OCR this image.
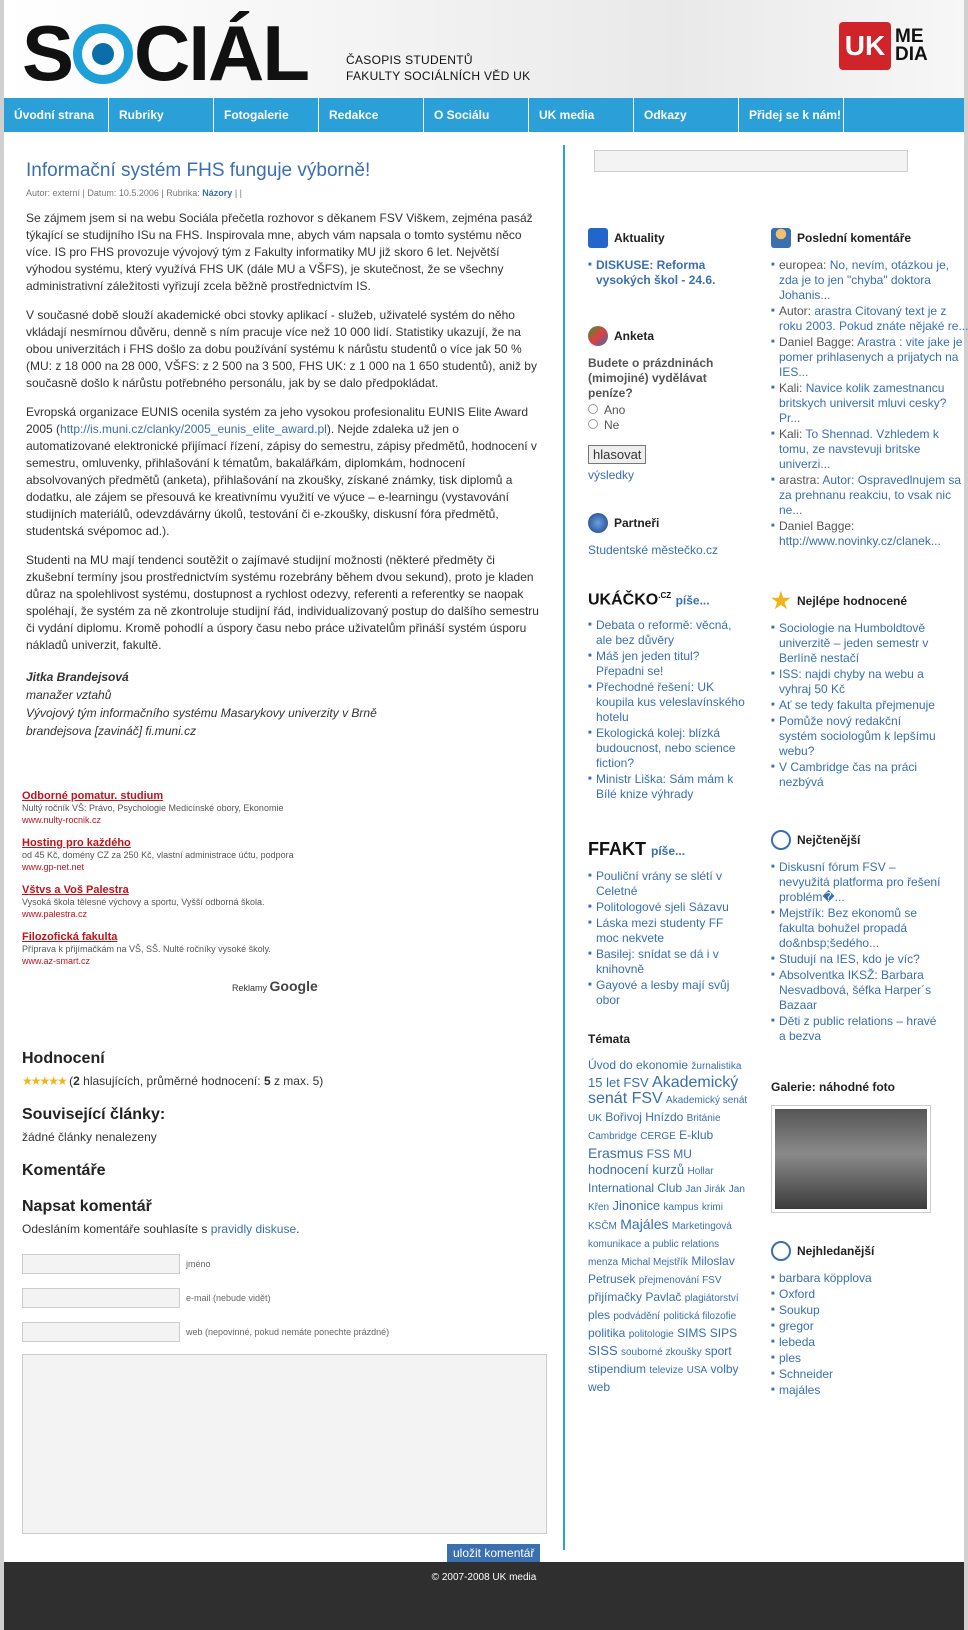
S CIÁL	ČASOPIS STUDENTŮ
FAKULTY SOCIÁLNÍCH VĚD UK
UK ME
DIA
Úvodní strana	Rubriky	Fotogalerie	Redakce	O Sociálu	UK media	Odkazy	Přidej se k nám!
Informační systém FHS funguje výborně!
Autor: externí | Datum: 10.5.2006 | Rubrika: Názory | |
Se zájmem jsem si na webu Sociála přečetla rozhovor s děkanem FSV Viškem, zejména pasáž týkající se studijního ISu na FHS. Inspirovala mne, abych vám napsala o tomto systému něco více. IS pro FHS provozuje vývojový tým z Fakulty informatiky MU již skoro 6 let. Největší výhodou systému, který využívá FHS UK (dále MU a VŠFS), je skutečnost, že se všechny administrativní záležitosti vyřizují zcela běžně prostřednictvím IS.
V současné době slouží akademické obci stovky aplikací - služeb, uživatelé systém do něho vkládají nesmírnou důvěru, denně s ním pracuje více než 10 000 lidí. Statistiky ukazují, že na obou univerzitách i FHS došlo za dobu používání systému k nárůstu studentů o více jak 50 % (MU: z 18 000 na 28 000, VŠFS: z 2 500 na 3 500, FHS UK: z 1 000 na 1 650 studentů), aniž by současně došlo k nárůstu potřebného personálu, jak by se dalo předpokládat.
Evropská organizace EUNIS ocenila systém za jeho vysokou profesionalitu EUNIS Elite Award 2005 (http://is.muni.cz/clanky/2005_eunis_elite_award.pl). Nejde zdaleka už jen o automatizované elektronické přijímací řízení, zápisy do semestru, zápisy předmětů, hodnocení v semestru, omluvenky, přihlašování k tématům, bakalářkám, diplomkám, hodnocení absolvovaných předmětů (anketa), přihlašování na zkoušky, získané známky, tisk diplomů a dodatku, ale zájem se přesouvá ke kreativnímu využití ve výuce – e-learningu (vystavování studijních materiálů, odevzdávárny úkolů, testování či e-zkoušky, diskusní fóra předmětů, studentská svépomoc ad.).
Studenti na MU mají tendenci soutěžit o zajímavé studijní možnosti (některé předměty či zkušební termíny jsou prostřednictvím systému rozebrány během dvou sekund), proto je kladen důraz na spolehlivost systému, dostupnost a rychlost odezvy, referenti a referentky se naopak spoléhají, že systém za ně zkontroluje studijní řád, individualizovaný postup do dalšího semestru či vydání diplomu. Kromě pohodlí a úspory času nebo práce uživatelům přináší systém úsporu nákladů univerzit, fakultě.
Jitka Brandejsová
manažer vztahů
Vývojový tým informačního systému Masarykovy univerzity v Brně
brandejsova [zavináč] fi.muni.cz
Odborné pomatur. studium
Nultý ročník VŠ: Právo, Psychologie Medicínské obory, Ekonomie
www.nulty-rocnik.cz
Hosting pro každého
od 45 Kč, domény CZ za 250 Kč, vlastní administrace účtu, podpora
www.gp-net.net
Vštvs a Voš Palestra
Vysoká škola tělesné výchovy a sportu, Vyšší odborná škola.
www.palestra.cz
Filozofická fakulta
Příprava k přijímačkám na VŠ, SŠ. Nulté ročníky vysoké školy.
www.az-smart.cz
Reklamy Google
Hodnocení
★★★★★ (2 hlasujících, průměrné hodnocení: 5 z max. 5)
Související články:
žádné články nenalezeny
Komentáře
Napsat komentář
Odesláním komentáře souhlasíte s pravidly diskuse.
jméno
e-mail (nebude vidět)
web (nepovinné, pokud nemáte ponechte prázdné)
uložit komentář
Aktuality
■ DISKUSE: Reforma vysokých škol - 24.6.
Anketa
Budete o prázdninách (mimojiné) vydělávat peníze?
Ano
Ne
hlasovat
výsledky
Partneři
Studentské městečko.cz
$UKÁČKO^{.CZ}$ píše...
■ Debata o reformě: věcná, ale bez důvěry
■ Máš jen jeden titul? Přepadni se!
■ Přechodné řešení: UK koupila kus veleslavínského hotelu
■ Ekologická kolej: blízká budoucnost, nebo science fiction?
■ Ministr Liška: Sám mám k Bílé knize výhrady
FFAKT píše...
■ Pouliční vrány se slétí v Celetné
■ Politologové sjeli Sázavu
■ Láska mezi studenty FF moc nekvete
■ Basilej: snídat se dá i v knihovně
■ Gayové a lesby mají svůj obor
Témata
Úvod do ekonomie žurnalistika 15 let FSV Akademický senát FSV Akademický senát UK Bořivoj Hnízdo Británie Cambridge CERGE E-klub Erasmus FSS MU hodnocení kurzů Hollar International Club Jan Jirák Jan Křen Jinonice kampus krimi KSČM Majáles Marketingová komunikace a public relations menza Michal Mejstřík Miloslav Petrusek přejmenování FSV přijímačky Pavlač plagiátorství ples podvádění politická filozofie politika politologie SIMS SIPS SISS souborné zkoušky sport stipendium televize USA volby web
Poslední komentáře
■ europea: No, nevím, otázkou je, zda je to jen "chyba" doktora Johanis...
■ Autor: arastra Citovaný text je z roku 2003. Pokud znáte nějaké re...
■ Daniel Bagge: Arastra : vite jake je pomer prihlasenych a prijatych na IES...
■ Kali: Navice kolik zamestnancu britskych universit mluvi cesky? Pr...
■ Kali: To Shennad. Vzhledem k tomu, ze navstevuji britske univerzi...
■ arastra: Autor: Ospravedlnujem sa za prehnanu reakciu, to vsak nic ne...
■ Daniel Bagge: http://www.novinky.cz/clanek...
★ Nejlépe hodnocené
■ Sociologie na Humboldtově univerzitě – jeden semestr v Berlíně nestačí
■ ISS: najdi chyby na webu a vyhraj 50 Kč
■ Ať se tedy fakulta přejmenuje
■ Pomůže nový redakční systém sociologům k lepšímu webu?
■ V Cambridge čas na práci nezbývá
Nejčtenější
■ Diskusní fórum FSV – nevyužitá platforma pro řešení problém�...
■ Mejstřík: Bez ekonomů se fakulta bohužel propadá do&nbsp;šedého...
■ Studují na IES, kdo je víc?
■ Absolventka IKSŽ: Barbara Nesvadbová, šéfka Harper´s Bazaar
■ Děti z public relations – hravé a bezva
Galerie: náhodné foto
Nejhledanější
■ barbara köpplova
■ Oxford
■ Soukup
■ gregor
■ lebeda
■ ples
■ Schneider
■ majáles
© 2007-2008 UK media
